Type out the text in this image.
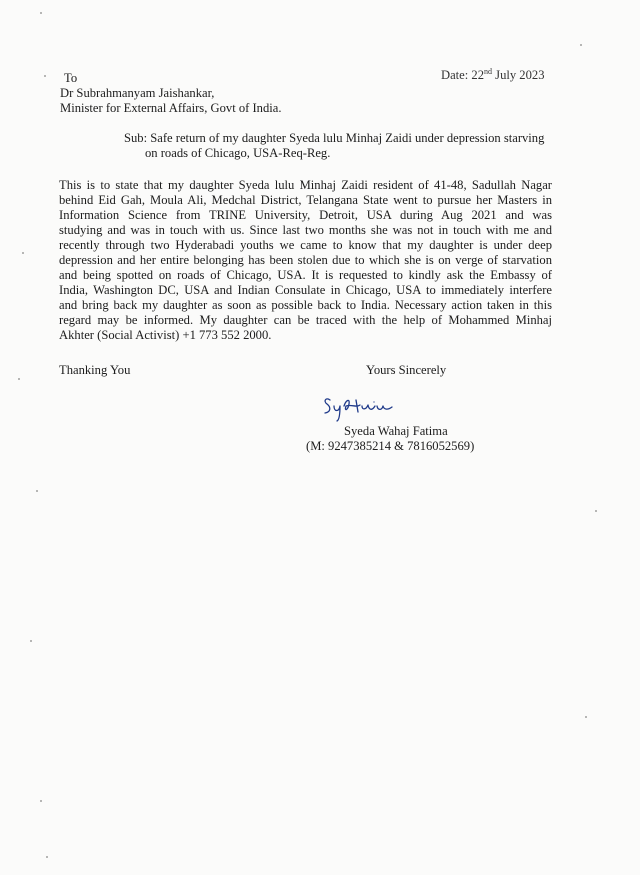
To	Date: 22nd July 2023
Dr Subrahmanyam Jaishankar,
Minister for External Affairs, Govt of India.
Sub: Safe return of my daughter Syeda lulu Minhaj Zaidi under depression starving
on roads of Chicago, USA-Req-Reg.
This is to state that my daughter Syeda lulu Minhaj Zaidi resident of 41-48, Sadullah Nagar
behind Eid Gah, Moula Ali, Medchal District, Telangana State went to pursue her Masters in
Information Science from TRINE University, Detroit, USA during Aug 2021 and was
studying and was in touch with us. Since last two months she was not in touch with me and
recently through two Hyderabadi youths we came to know that my daughter is under deep
depression and her entire belonging has been stolen due to which she is on verge of starvation
and being spotted on roads of Chicago, USA. It is requested to kindly ask the Embassy of
India, Washington DC, USA and Indian Consulate in Chicago, USA to immediately interfere
and bring back my daughter as soon as possible back to India. Necessary action taken in this
regard may be informed. My daughter can be traced with the help of Mohammed Minhaj
Akhter (Social Activist) +1 773 552 2000.
Thanking You	Yours Sincerely
Syeda Wahaj Fatima
(M: 9247385214 & 7816052569)
